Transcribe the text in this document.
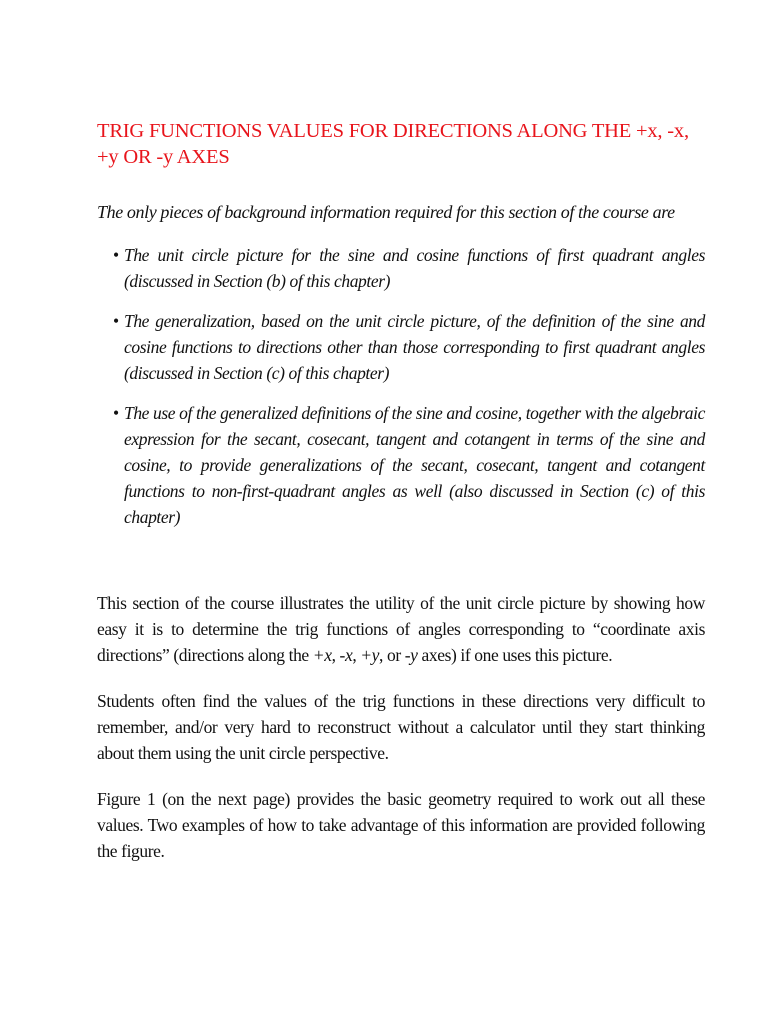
TRIG FUNCTIONS VALUES FOR DIRECTIONS ALONG THE +x, -x, +y OR -y AXES

The only pieces of background information required for this section of the course are

• The unit circle picture for the sine and cosine functions of first quadrant angles (discussed in Section (b) of this chapter)
• The generalization, based on the unit circle picture, of the definition of the sine and cosine functions to directions other than those corresponding to first quadrant angles (discussed in Section (c) of this chapter)
• The use of the generalized definitions of the sine and cosine, together with the algebraic expression for the secant, cosecant, tangent and cotangent in terms of the sine and cosine, to provide generalizations of the secant, cosecant, tangent and cotangent functions to non-first-quadrant angles as well (also discussed in Section (c) of this chapter)

This section of the course illustrates the utility of the unit circle picture by showing how easy it is to determine the trig functions of angles corresponding to “coordinate axis directions” (directions along the +x, -x, +y, or -y axes) if one uses this picture.

Students often find the values of the trig functions in these directions very difficult to remember, and/or very hard to reconstruct without a calculator until they start thinking about them using the unit circle perspective.

Figure 1 (on the next page) provides the basic geometry required to work out all these values. Two examples of how to take advantage of this information are provided following the figure.
